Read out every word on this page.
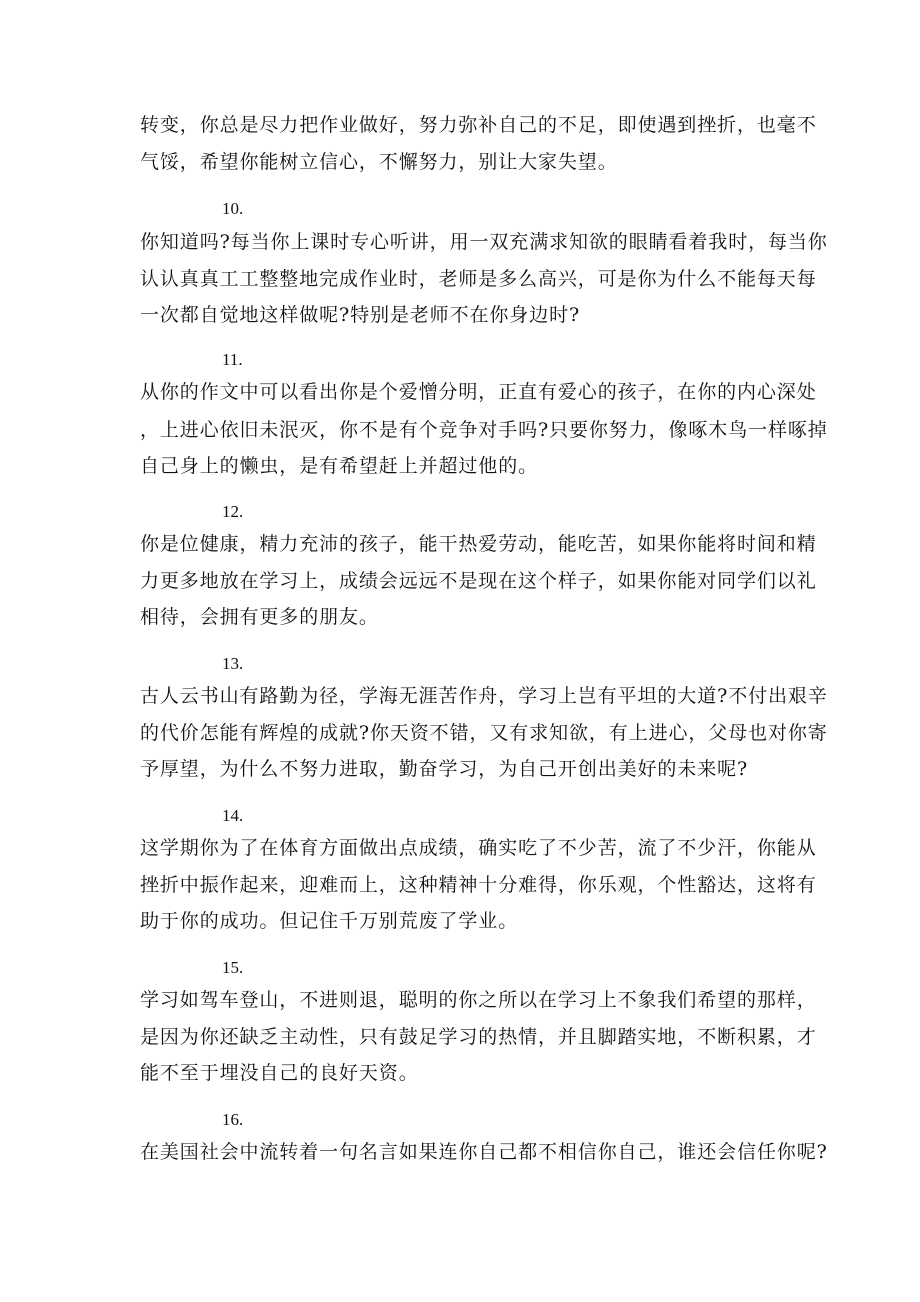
转变，你总是尽力把作业做好，努力弥补自己的不足，即使遇到挫折，也毫不
气馁，希望你能树立信心，不懈努力，别让大家失望。
10.
你知道吗?每当你上课时专心听讲，用一双充满求知欲的眼睛看着我时，每当你
认认真真工工整整地完成作业时，老师是多么高兴，可是你为什么不能每天每
一次都自觉地这样做呢?特别是老师不在你身边时?
11.
从你的作文中可以看出你是个爱憎分明，正直有爱心的孩子，在你的内心深处
，上进心依旧未泯灭，你不是有个竞争对手吗?只要你努力，像啄木鸟一样啄掉
自己身上的懒虫，是有希望赶上并超过他的。
12.
你是位健康，精力充沛的孩子，能干热爱劳动，能吃苦，如果你能将时间和精
力更多地放在学习上，成绩会远远不是现在这个样子，如果你能对同学们以礼
相待，会拥有更多的朋友。
13.
古人云书山有路勤为径，学海无涯苦作舟，学习上岂有平坦的大道?不付出艰辛
的代价怎能有辉煌的成就?你天资不错，又有求知欲，有上进心，父母也对你寄
予厚望，为什么不努力进取，勤奋学习，为自己开创出美好的未来呢?
14.
这学期你为了在体育方面做出点成绩，确实吃了不少苦，流了不少汗，你能从
挫折中振作起来，迎难而上，这种精神十分难得，你乐观，个性豁达，这将有
助于你的成功。但记住千万别荒废了学业。
15.
学习如驾车登山，不进则退，聪明的你之所以在学习上不象我们希望的那样，
是因为你还缺乏主动性，只有鼓足学习的热情，并且脚踏实地，不断积累，才
能不至于埋没自己的良好天资。
16.
在美国社会中流转着一句名言如果连你自己都不相信你自己，谁还会信任你呢?
